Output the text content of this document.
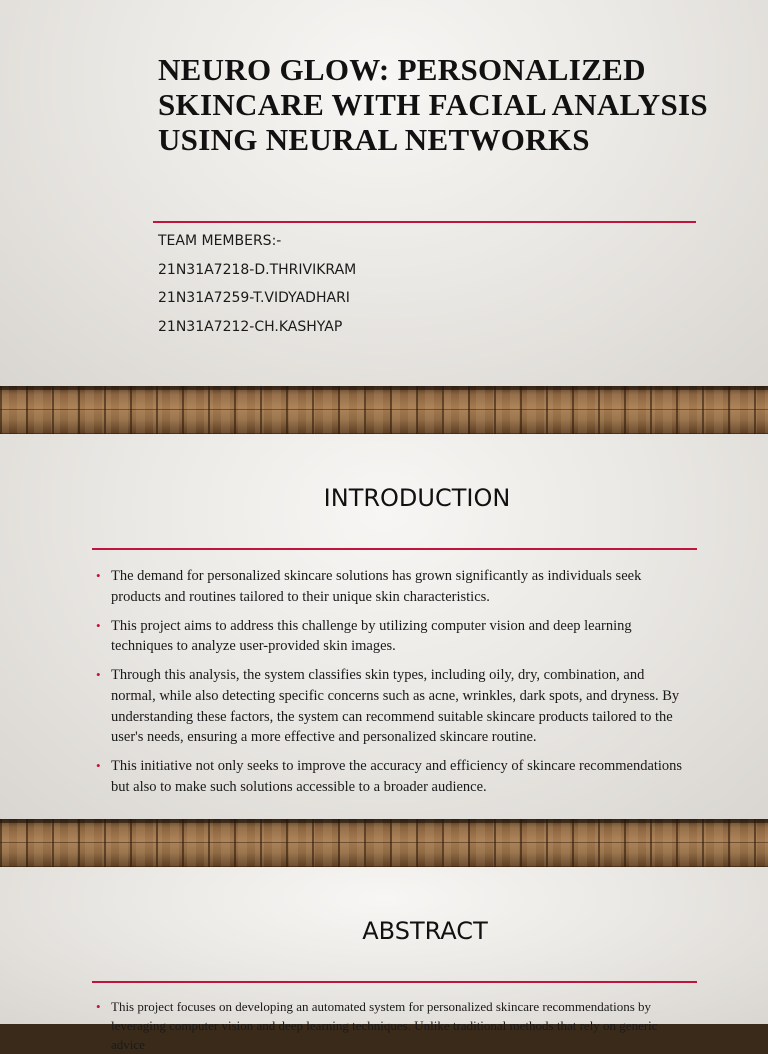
NEURO GLOW: PERSONALIZED SKINCARE WITH FACIAL ANALYSIS USING NEURAL NETWORKS
TEAM MEMBERS:-
21N31A7218-D.THRIVIKRAM
21N31A7259-T.VIDYADHARI
21N31A7212-CH.KASHYAP
INTRODUCTION
• The demand for personalized skincare solutions has grown significantly as individuals seek products and routines tailored to their unique skin characteristics.
• This project aims to address this challenge by utilizing computer vision and deep learning techniques to analyze user-provided skin images.
• Through this analysis, the system classifies skin types, including oily, dry, combination, and normal, while also detecting specific concerns such as acne, wrinkles, dark spots, and dryness. By understanding these factors, the system can recommend suitable skincare products tailored to the user's needs, ensuring a more effective and personalized skincare routine.
• This initiative not only seeks to improve the accuracy and efficiency of skincare recommendations but also to make such solutions accessible to a broader audience.
ABSTRACT
• This project focuses on developing an automated system for personalized skincare recommendations by leveraging computer vision and deep learning techniques. Unlike traditional methods that rely on generic advice
